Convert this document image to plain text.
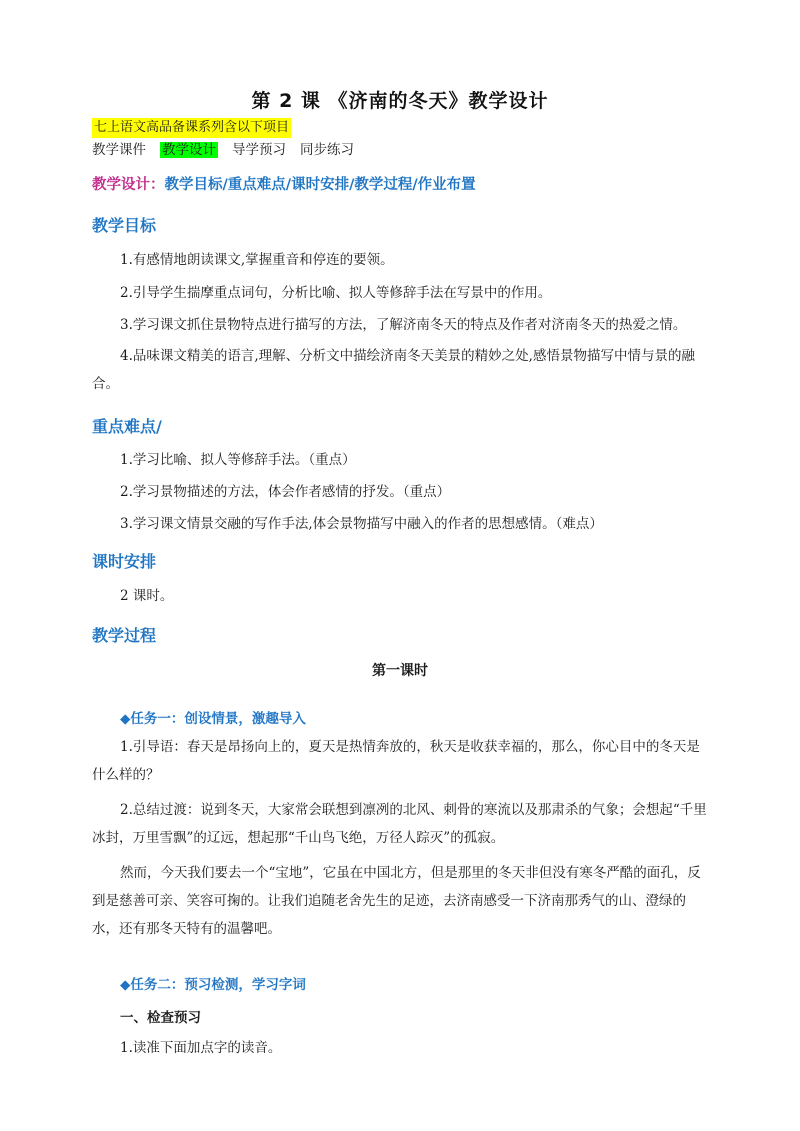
第 2 课 《济南的冬天》教学设计
七上语文高品备课系列含以下项目
教学课件 教学设计 导学预习 同步练习
教学设计：教学目标/重点难点/课时安排/教学过程/作业布置
教学目标

1.有感情地朗读课文,掌握重音和停连的要领。

2.引导学生揣摩重点词句，分析比喻、拟人等修辞手法在写景中的作用。

3.学习课文抓住景物特点进行描写的方法，了解济南冬天的特点及作者对济南冬天的热爱之情。

4.品味课文精美的语言,理解、分析文中描绘济南冬天美景的精妙之处,感悟景物描写中情与景的融合。

重点难点/

1.学习比喻、拟人等修辞手法。（重点）

2.学习景物描述的方法，体会作者感情的抒发。（重点）

3.学习课文情景交融的写作手法,体会景物描写中融入的作者的思想感情。（难点）

课时安排

2 课时。

教学过程
第一课时
◆任务一：创设情景，激趣导入

1.引导语：春天是昂扬向上的，夏天是热情奔放的，秋天是收获幸福的，那么，你心目中的冬天是什么样的？

2.总结过渡：说到冬天，大家常会联想到凛冽的北风、刺骨的寒流以及那肃杀的气象；会想起“千里冰封，万里雪飘”的辽远，想起那“千山鸟飞绝，万径人踪灭”的孤寂。

然而，今天我们要去一个“宝地”，它虽在中国北方，但是那里的冬天非但没有寒冬严酷的面孔，反到是慈善可亲、笑容可掬的。让我们追随老舍先生的足迹，去济南感受一下济南那秀气的山、澄绿的水，还有那冬天特有的温馨吧。

◆任务二：预习检测，学习字词
一、检查预习

1.读准下面加点字的读音。
